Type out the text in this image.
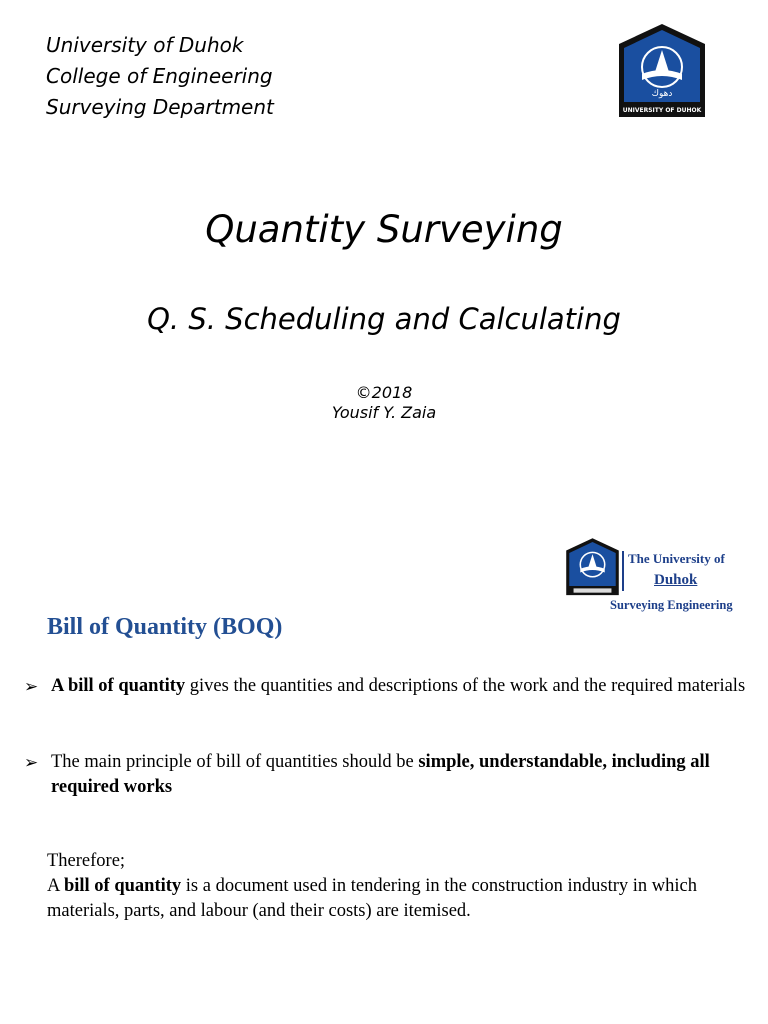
University of Duhok
College of Engineering
Surveying Department
دهوك
UNIVERSITY OF DUHOK
Quantity Surveying
Q. S. Scheduling and Calculating
©2018
Yousif Y. Zaia
The University of
Duhok
Surveying Engineering
Bill of Quantity (BOQ)
➢ A bill of quantity gives the quantities and descriptions of the work and the required materials
➢ The main principle of bill of quantities should be simple, understandable, including all required works
Therefore;
A bill of quantity is a document used in tendering in the construction industry in which materials, parts, and labour (and their costs) are itemised.
